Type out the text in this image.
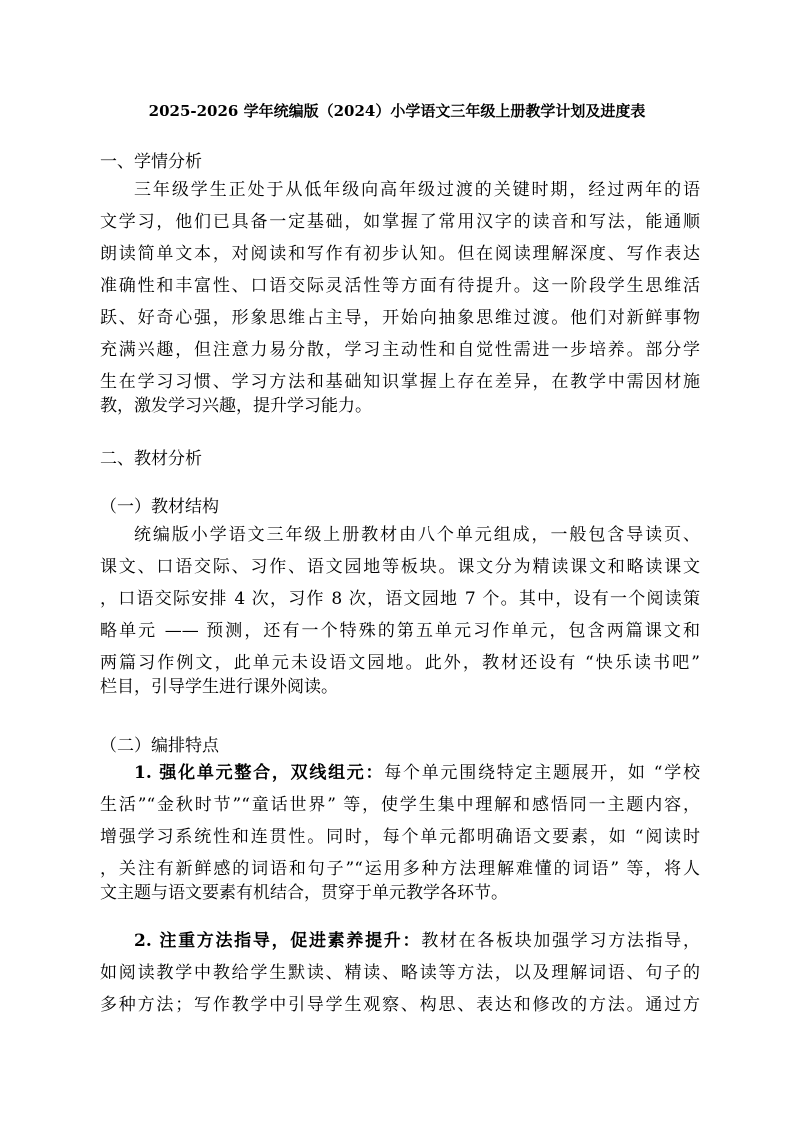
2025-2026 学年统编版（2024）小学语文三年级上册教学计划及进度表
一、学情分析
三年级学生正处于从低年级向高年级过渡的关键时期，经过两年的语
文学习，他们已具备一定基础，如掌握了常用汉字的读音和写法，能通顺
朗读简单文本，对阅读和写作有初步认知。但在阅读理解深度、写作表达
准确性和丰富性、口语交际灵活性等方面有待提升。这一阶段学生思维活
跃、好奇心强，形象思维占主导，开始向抽象思维过渡。他们对新鲜事物
充满兴趣，但注意力易分散，学习主动性和自觉性需进一步培养。部分学
生在学习习惯、学习方法和基础知识掌握上存在差异，在教学中需因材施
教，激发学习兴趣，提升学习能力。
二、教材分析
（一）教材结构
统编版小学语文三年级上册教材由八个单元组成，一般包含导读页、
课文、口语交际、习作、语文园地等板块。课文分为精读课文和略读课文
，口语交际安排 4 次，习作 8 次，语文园地 7 个。其中，设有一个阅读策
略单元 —— 预测，还有一个特殊的第五单元习作单元，包含两篇课文和
两篇习作例文，此单元未设语文园地。此外，教材还设有 “快乐读书吧”
栏目，引导学生进行课外阅读。
（二）编排特点
1. 强化单元整合，双线组元：每个单元围绕特定主题展开，如 “学校
生活”“金秋时节”“童话世界” 等，使学生集中理解和感悟同一主题内容，
增强学习系统性和连贯性。同时，每个单元都明确语文要素，如 “阅读时
，关注有新鲜感的词语和句子”“运用多种方法理解难懂的词语” 等，将人
文主题与语文要素有机结合，贯穿于单元教学各环节。
2. 注重方法指导，促进素养提升：教材在各板块加强学习方法指导，
如阅读教学中教给学生默读、精读、略读等方法，以及理解词语、句子的
多种方法；写作教学中引导学生观察、构思、表达和修改的方法。通过方
